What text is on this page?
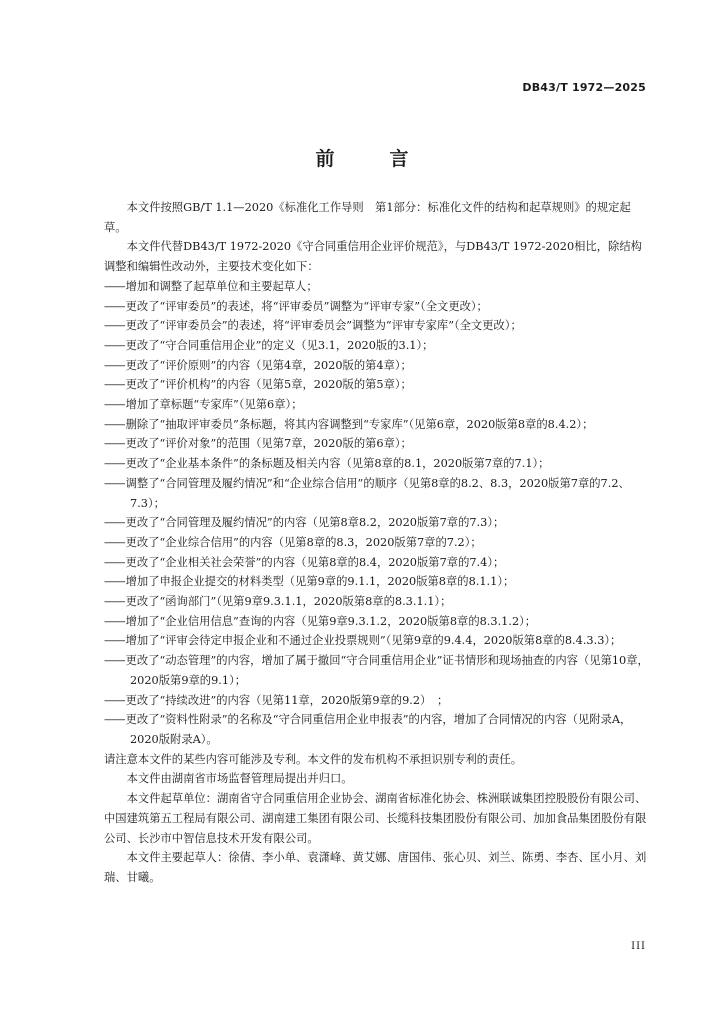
DB43/T 1972—2025
前　言

本文件按照GB/T 1.1—2020《标准化工作导则　第1部分：标准化文件的结构和起草规则》的规定起草。

本文件代替DB43/T 1972-2020《守合同重信用企业评价规范》，与DB43/T 1972-2020相比，除结构调整和编辑性改动外，主要技术变化如下：

—— 增加和调整了起草单位和主要起草人；

—— 更改了“评审委员”的表述，将“评审委员”调整为“评审专家”（全文更改）；

—— 更改了“评审委员会”的表述，将“评审委员会”调整为“评审专家库”（全文更改）；

—— 更改了“守合同重信用企业”的定义（见3.1，2020版的3.1）；

—— 更改了“评价原则”的内容（见第4章，2020版的第4章）；

—— 更改了“评价机构”的内容（见第5章，2020版的第5章）；

—— 增加了章标题“专家库”（见第6章）；

—— 删除了“抽取评审委员”条标题，将其内容调整到“专家库”（见第6章，2020版第8章的8.4.2）；

—— 更改了“评价对象”的范围（见第7章，2020版的第6章）；

—— 更改了“企业基本条件”的条标题及相关内容（见第8章的8.1，2020版第7章的7.1）；

—— 调整了“合同管理及履约情况”和“企业综合信用”的顺序（见第8章的8.2、8.3，2020版第7章的7.2、7.3）；

—— 更改了“合同管理及履约情况”的内容（见第8章8.2，2020版第7章的7.3）；

—— 更改了“企业综合信用”的内容（见第8章的8.3，2020版第7章的7.2）；

—— 更改了“企业相关社会荣誉”的内容（见第8章的8.4，2020版第7章的7.4）；

—— 增加了申报企业提交的材料类型（见第9章的9.1.1，2020版第8章的8.1.1）；

—— 更改了“函询部门”（见第9章9.3.1.1，2020版第8章的8.3.1.1）；

—— 增加了“企业信用信息”查询的内容（见第9章9.3.1.2，2020版第8章的8.3.1.2）；

—— 增加了“评审会待定申报企业和不通过企业投票规则”（见第9章的9.4.4，2020版第8章的8.4.3.3）；

—— 更改了“动态管理”的内容，增加了属于撤回“守合同重信用企业”证书情形和现场抽查的内容（见第10章，2020版第9章的9.1）；

—— 更改了“持续改进”的内容（见第11章，2020版第9章的9.2）　；

—— 更改了“资料性附录”的名称及“守合同重信用企业申报表”的内容，增加了合同情况的内容（见附录A，2020版附录A）。

请注意本文件的某些内容可能涉及专利。本文件的发布机构不承担识别专利的责任。

本文件由湖南省市场监督管理局提出并归口。

本文件起草单位：湖南省守合同重信用企业协会、湖南省标准化协会、株洲联诚集团控股股份有限公司、中国建筑第五工程局有限公司、湖南建工集团有限公司、长缆科技集团股份有限公司、加加食品集团股份有限公司、长沙市中智信息技术开发有限公司。

本文件主要起草人：徐倩、李小单、袁潇峰、黄艾娜、唐国伟、张心贝、刘兰、陈勇、李杏、匡小月、刘瑞、甘曦。

III
